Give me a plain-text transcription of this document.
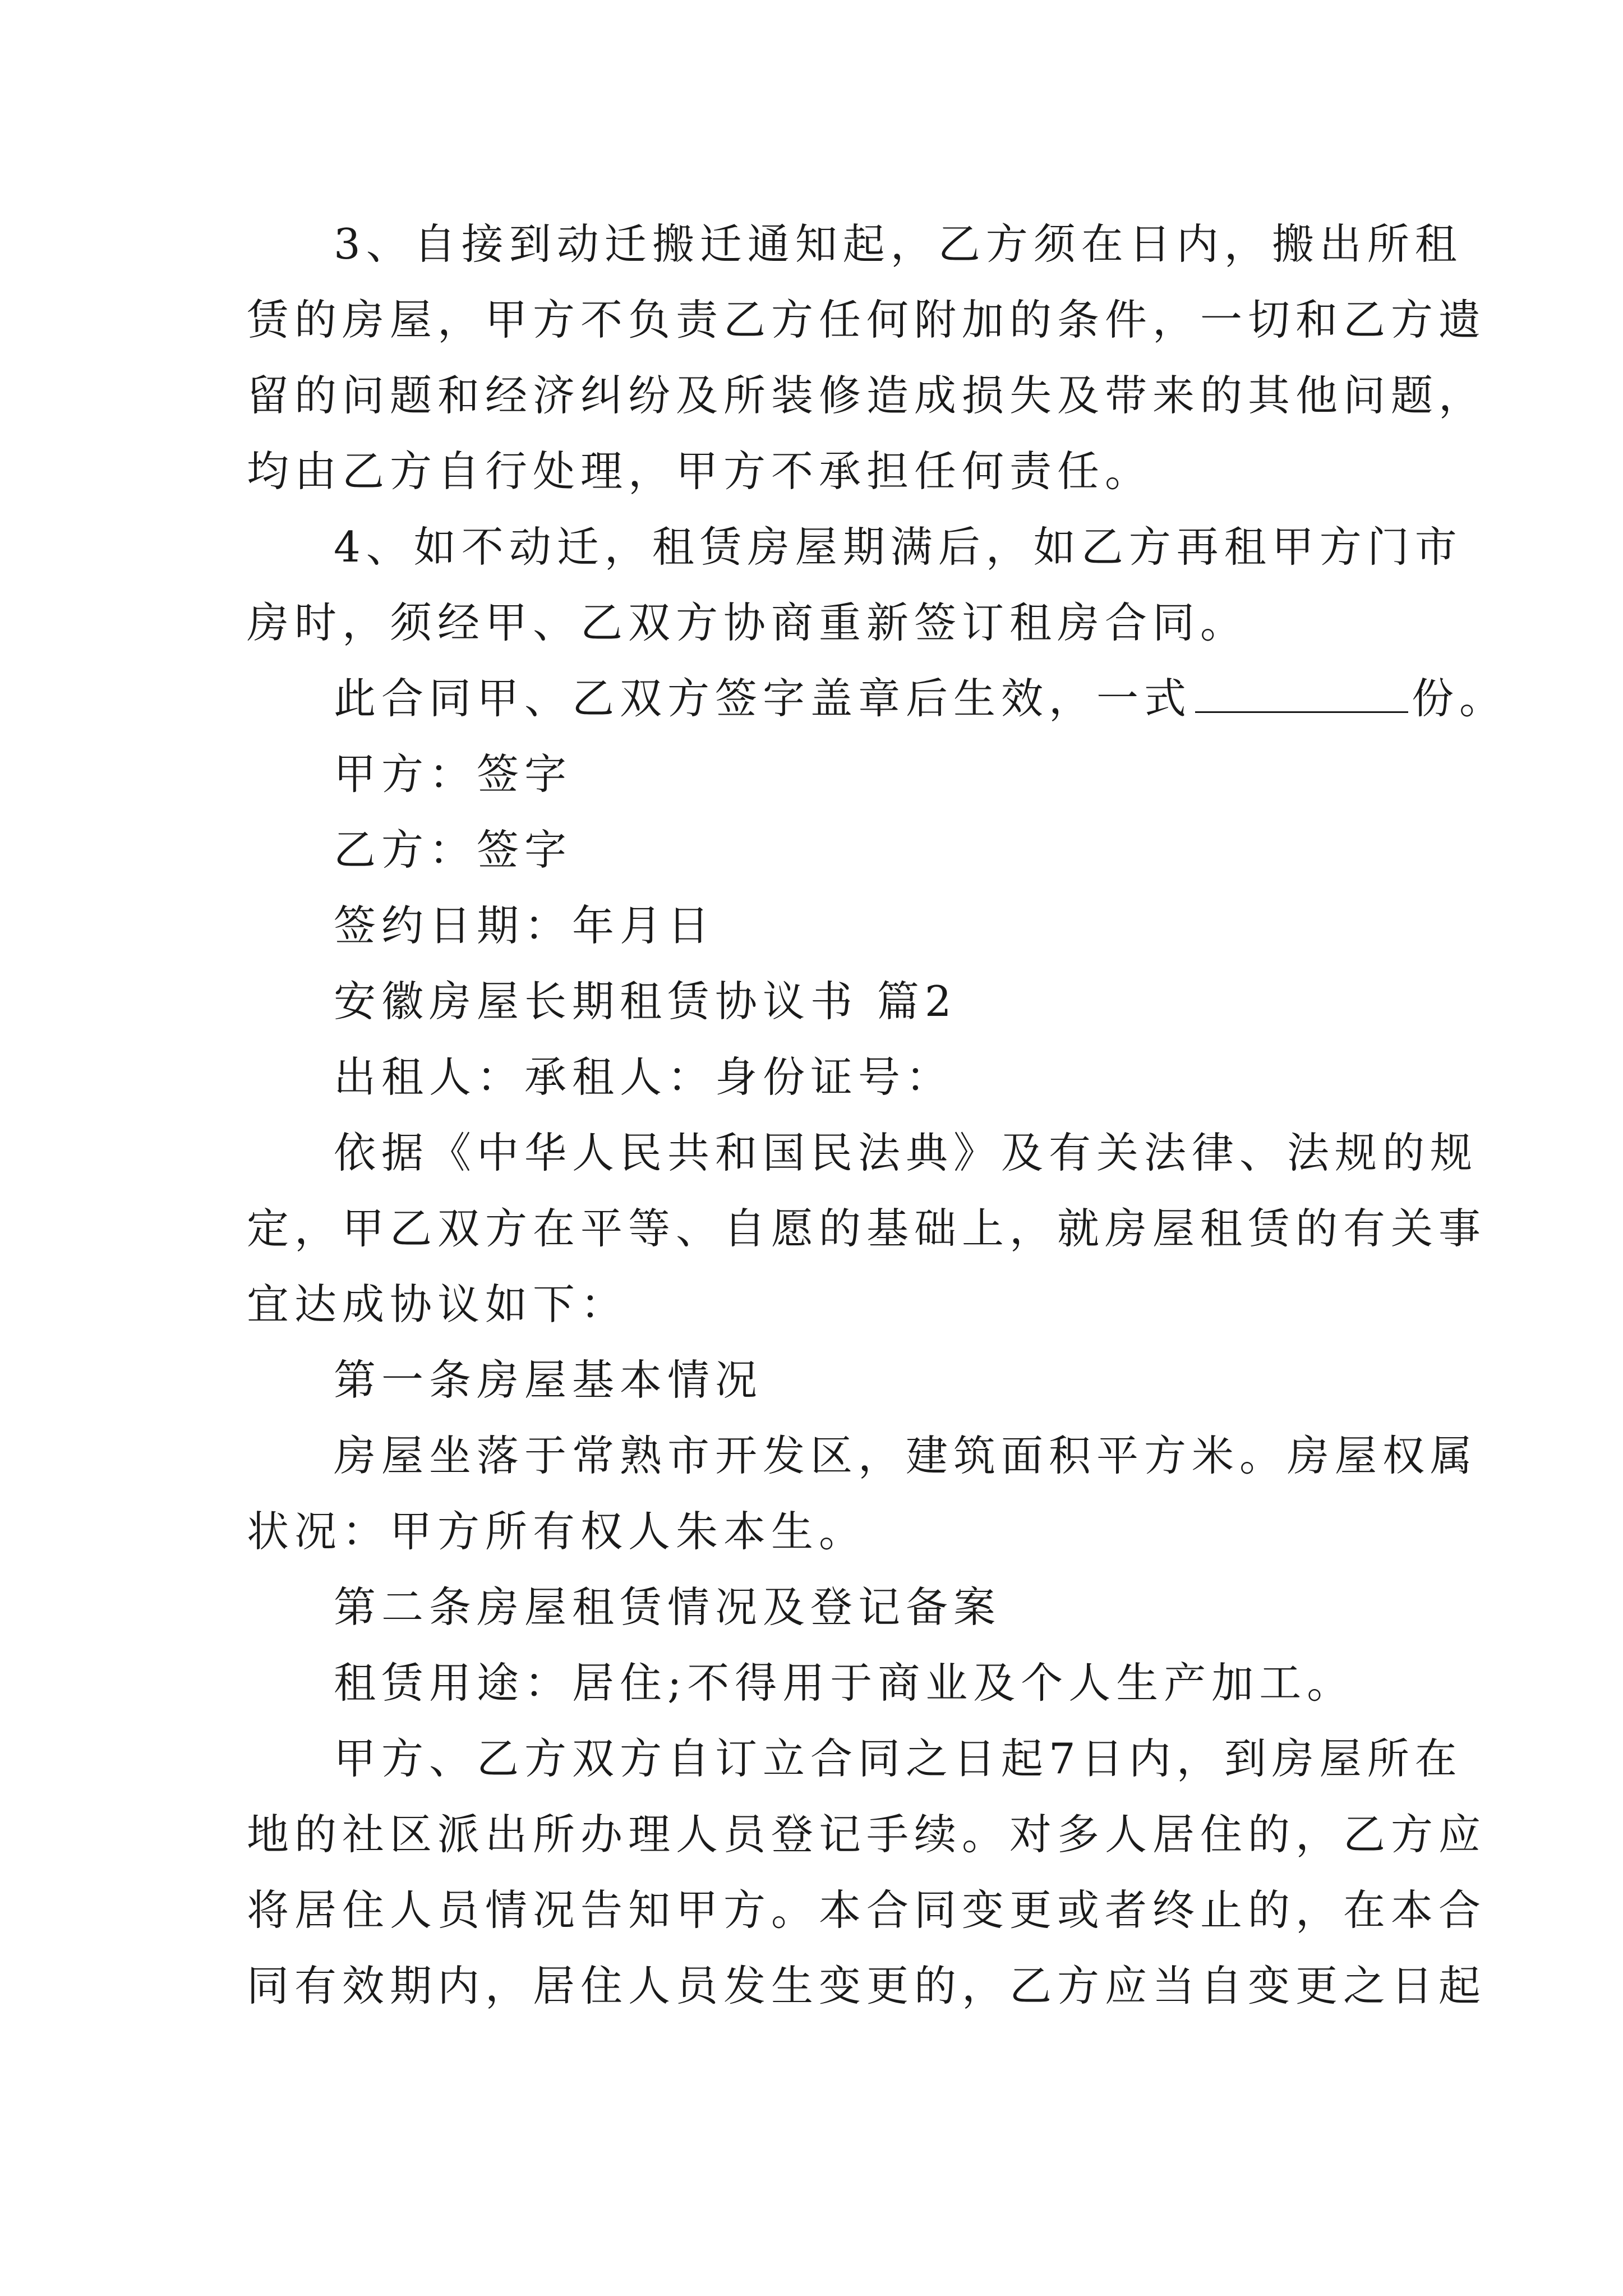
3、自接到动迁搬迁通知起，乙方须在日内，搬出所租
赁的房屋，甲方不负责乙方任何附加的条件，一切和乙方遗
留的问题和经济纠纷及所装修造成损失及带来的其他问题，
均由乙方自行处理，甲方不承担任何责任。
4、如不动迁，租赁房屋期满后，如乙方再租甲方门市
房时，须经甲、乙双方协商重新签订租房合同。
此合同甲、乙双方签字盖章后生效，一式	份。
甲方：签字
乙方：签字
签约日期：年月日
安徽房屋长期租赁协议书 篇2
出租人：承租人：身份证号：
依据《中华人民共和国民法典》及有关法律、法规的规
定，甲乙双方在平等、自愿的基础上，就房屋租赁的有关事
宜达成协议如下：
第一条房屋基本情况
房屋坐落于常熟市开发区，建筑面积平方米。房屋权属
状况：甲方所有权人朱本生。
第二条房屋租赁情况及登记备案
租赁用途：居住;不得用于商业及个人生产加工。
甲方、乙方双方自订立合同之日起7日内，到房屋所在
地的社区派出所办理人员登记手续。对多人居住的，乙方应
将居住人员情况告知甲方。本合同变更或者终止的，在本合
同有效期内，居住人员发生变更的，乙方应当自变更之日起
